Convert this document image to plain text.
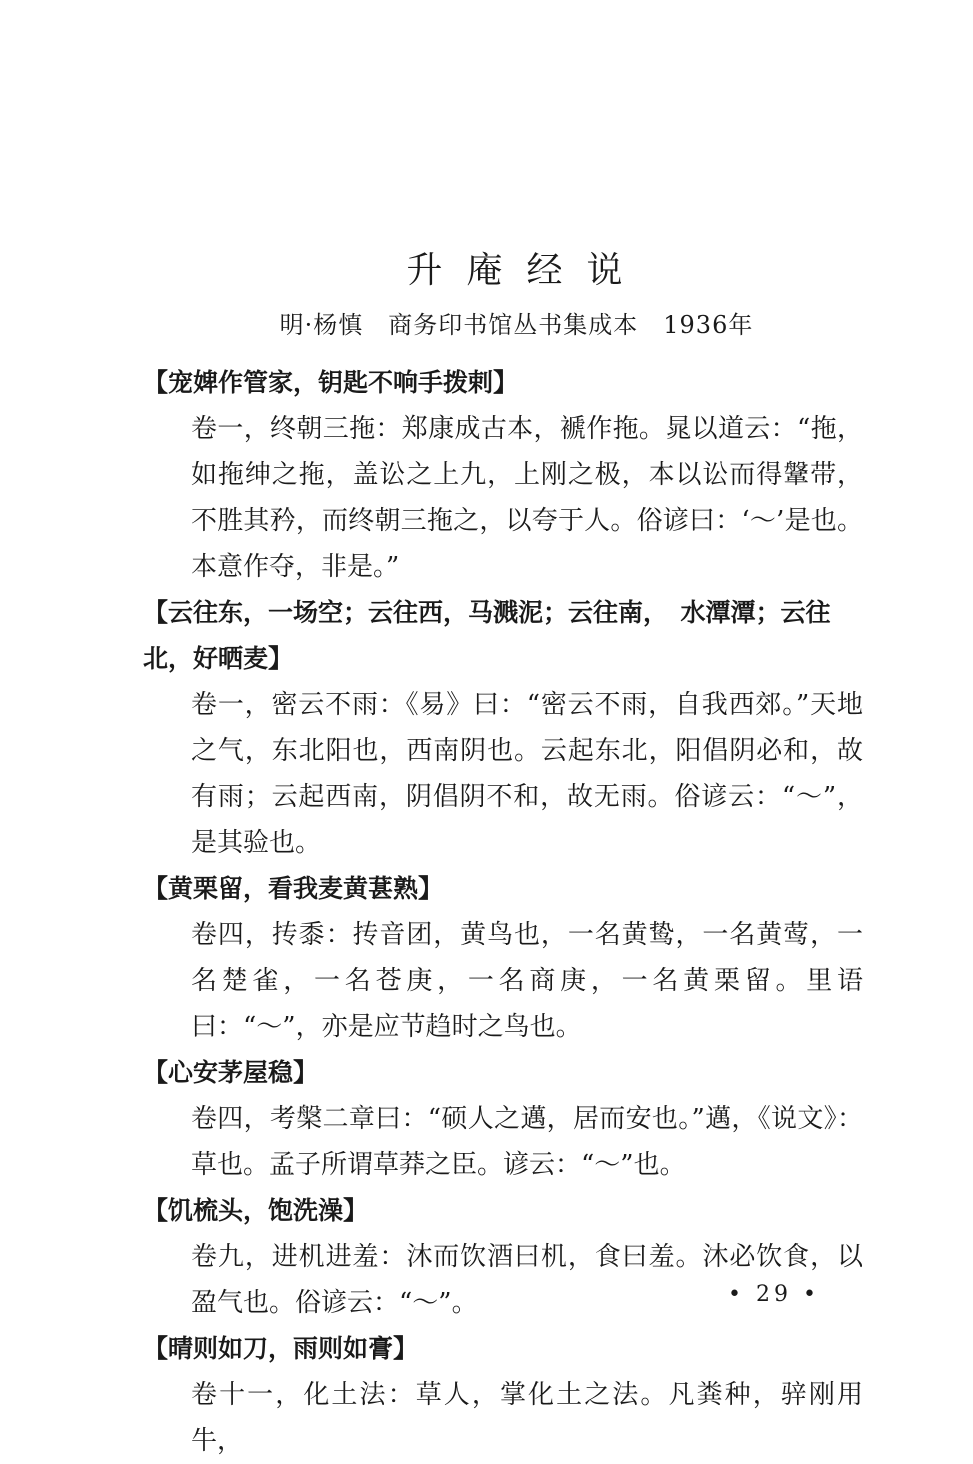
升庵经说
明·杨慎　商务印书馆丛书集成本　1936年

【宠婢作管家，钥匙不响手拨剌】

卷一，终朝三拖：郑康成古本，褫作拖。晁以道云：“拖，如拖绅之拖，盖讼之上九，上刚之极，本以讼而得鞶带，不胜其矜，而终朝三拖之，以夸于人。俗谚曰：‘～’是也。本意作夺，非是。”

【云往东，一场空；云往西，马溅泥；云往南，　水潭潭；云往北，好晒麦】

卷一，密云不雨：《易》曰：“密云不雨，自我西郊。”天地之气，东北阳也，西南阴也。云起东北，阳倡阴必和，故有雨；云起西南，阴倡阴不和，故无雨。俗谚云：“～”，是其验也。

【黄栗留，看我麦黄葚熟】

卷四，抟黍：抟音团，黄鸟也，一名黄鸷，一名黄莺，一名楚雀，一名苍庚，一名商庚，一名黄栗留。里语曰：“～”，亦是应节趋时之鸟也。

【心安茅屋稳】

卷四，考槃二章曰：“硕人之邁，居而安也。”邁，《说文》：草也。孟子所谓草莽之臣。谚云：“～”也。

【饥梳头，饱洗澡】

卷九，进机进羞：沐而饮酒曰机，食曰羞。沐必饮食，以盈气也。俗谚云：“～”。

【晴则如刀，雨则如膏】

卷十一，化土法：草人，掌化土之法。凡粪种，骍刚用牛，

• 29 •
